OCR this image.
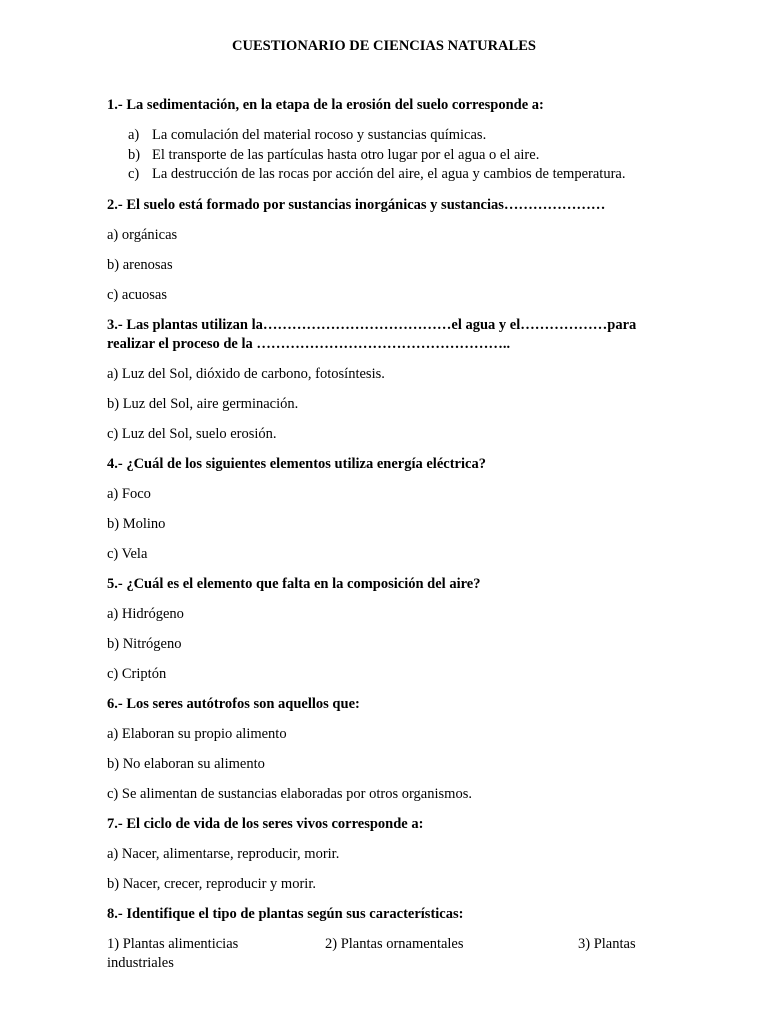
CUESTIONARIO DE CIENCIAS NATURALES
1.- La sedimentación, en la etapa de la erosión del suelo corresponde a:
a) La comulación del material rocoso y sustancias químicas.
b) El transporte de las partículas hasta otro lugar por el agua o el aire.
c) La destrucción de las rocas por acción del aire, el agua y cambios de temperatura.
2.- El suelo está formado por sustancias inorgánicas y sustancias…………………
a) orgánicas
b) arenosas
c) acuosas
3.- Las plantas utilizan la…………………………………el agua y el………………para
realizar el proceso de la ……………………………………………..
a) Luz del Sol, dióxido de carbono, fotosíntesis.
b) Luz del Sol, aire germinación.
c) Luz del Sol, suelo erosión.
4.- ¿Cuál de los siguientes elementos utiliza energía eléctrica?
a) Foco
b) Molino
c) Vela
5.- ¿Cuál es el elemento que falta en la composición del aire?
a) Hidrógeno
b) Nitrógeno
c) Criptón
6.- Los seres autótrofos son aquellos que:
a) Elaboran su propio alimento
b) No elaboran su alimento
c) Se alimentan de sustancias elaboradas por otros organismos.
7.- El ciclo de vida de los seres vivos corresponde a:
a) Nacer, alimentarse, reproducir, morir.
b) Nacer, crecer, reproducir y morir.
8.- Identifique el tipo de plantas según sus características:
1) Plantas alimenticias	2) Plantas ornamentales	3) Plantas
industriales
